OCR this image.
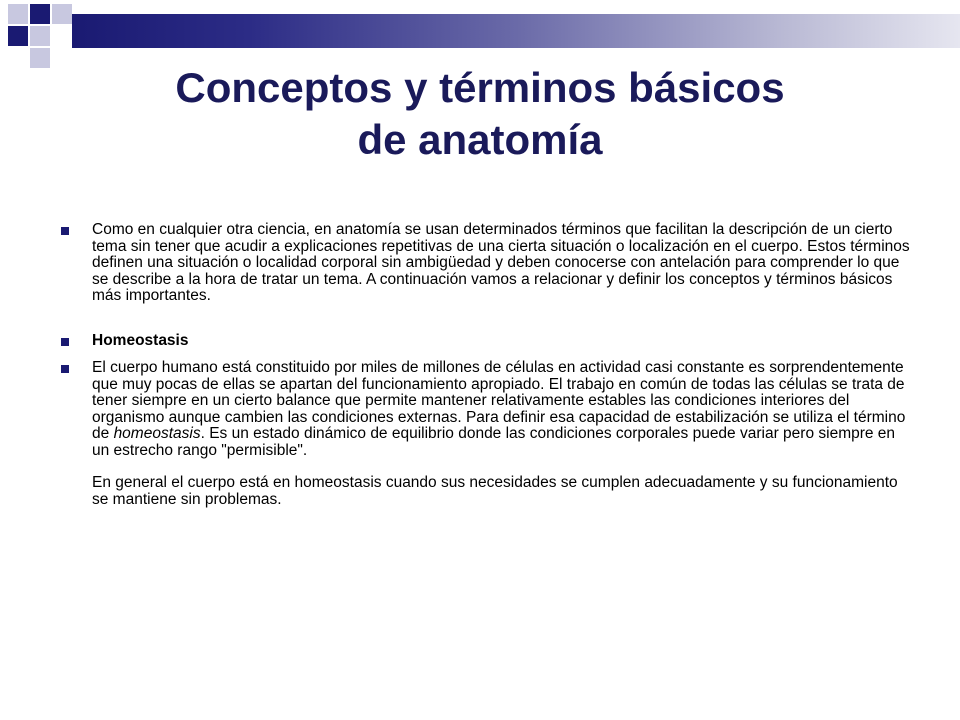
Conceptos y términos básicos
de anatomía
Como en cualquier otra ciencia, en anatomía se usan determinados términos que facilitan la descripción de un cierto tema sin tener que acudir a explicaciones repetitivas de una cierta situación o localización en el cuerpo. Estos términos definen una situación o localidad corporal sin ambigüedad y deben conocerse con antelación para comprender lo que se describe a la hora de tratar un tema. A continuación vamos a relacionar y definir los conceptos y términos básicos más importantes.
Homeostasis
El cuerpo humano está constituido por miles de millones de células en actividad casi constante es sorprendentemente que muy pocas de ellas se apartan del funcionamiento apropiado. El trabajo en común de todas las células se trata de tener siempre en un cierto balance que permite mantener relativamente estables las condiciones interiores del organismo aunque cambien las condiciones externas. Para definir esa capacidad de estabilización se utiliza el término de homeostasis. Es un estado dinámico de equilibrio donde las condiciones corporales puede variar pero siempre en un estrecho rango "permisible".
En general el cuerpo está en homeostasis cuando sus necesidades se cumplen adecuadamente y su funcionamiento se mantiene sin problemas.
